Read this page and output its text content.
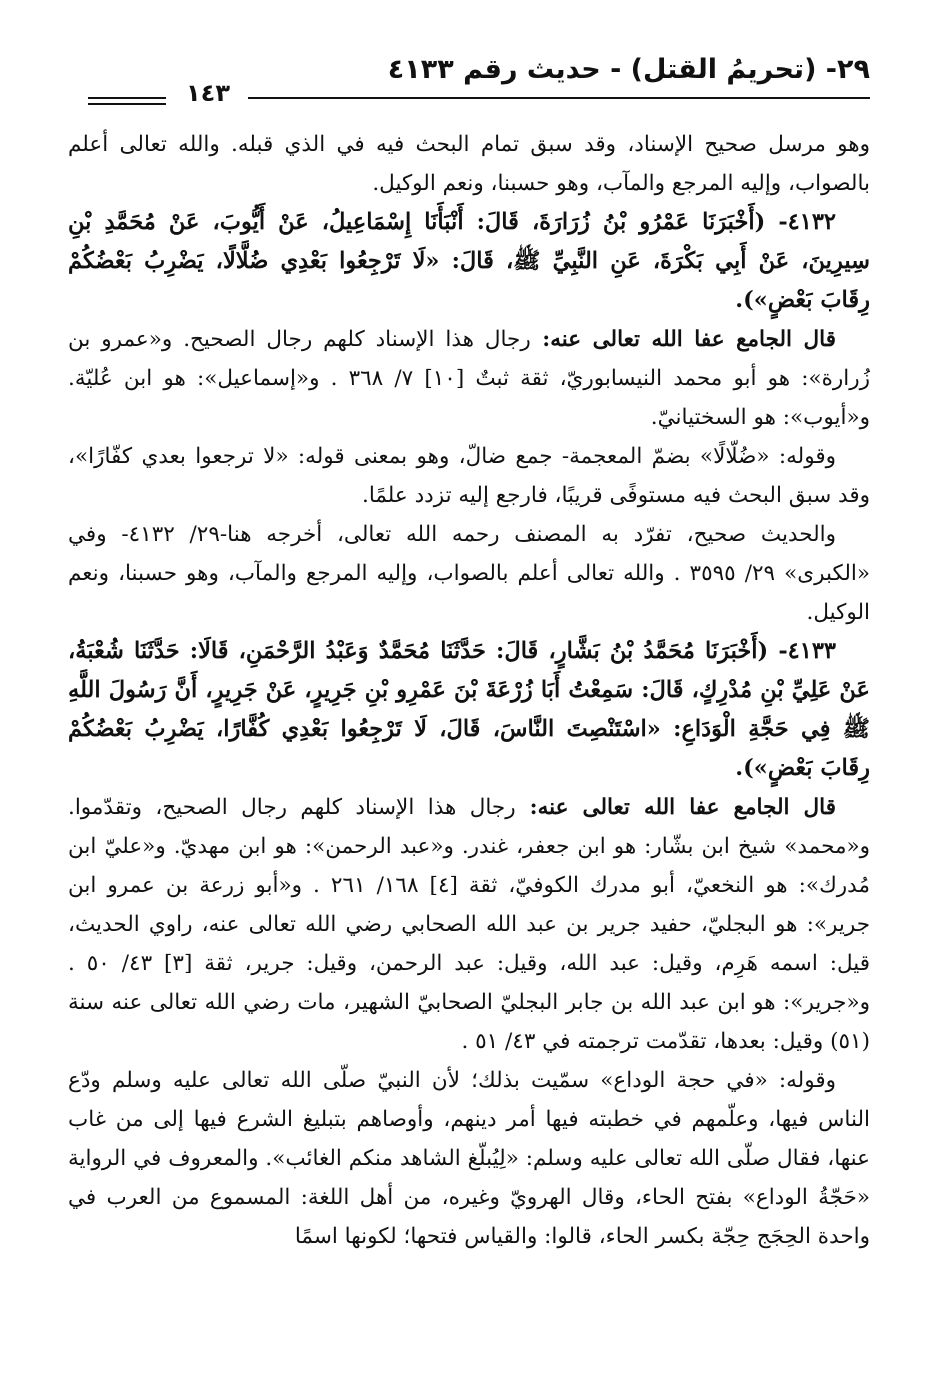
٢٩- (تحريمُ القتل) - حديث رقم ٤١٣٣
١٤٣

وهو مرسل صحيح الإسناد، وقد سبق تمام البحث فيه في الذي قبله. والله تعالى أعلم بالصواب، وإليه المرجع والمآب، وهو حسبنا، ونعم الوكيل.

٤١٣٢- (أَخْبَرَنَا عَمْرُو بْنُ زُرَارَةَ، قَالَ: أَنْبَأَنَا إِسْمَاعِيلُ، عَنْ أَيُّوبَ، عَنْ مُحَمَّدِ بْنِ سِيرِينَ، عَنْ أَبِي بَكْرَةَ، عَنِ النَّبِيِّ ﷺ، قَالَ: «لَا تَرْجِعُوا بَعْدِي ضُلَّالًا، يَضْرِبُ بَعْضُكُمْ رِقَابَ بَعْضٍ»).

قال الجامع عفا الله تعالى عنه: رجال هذا الإسناد كلهم رجال الصحيح. و«عمرو بن زُرارة»: هو أبو محمد النيسابوريّ، ثقة ثبتٌ [١٠] ٧/ ٣٦٨ . و«إسماعيل»: هو ابن عُليّة. و«أيوب»: هو السختيانيّ.

وقوله: «ضُلّالًا» بضمّ المعجمة- جمع ضالّ، وهو بمعنى قوله: «لا ترجعوا بعدي كفّارًا»، وقد سبق البحث فيه مستوفًى قريبًا، فارجع إليه تزدد علمًا.

والحديث صحيح، تفرّد به المصنف رحمه الله تعالى، أخرجه هنا-٢٩/ ٤١٣٢- وفي «الكبرى» ٢٩/ ٣٥٩٥ . والله تعالى أعلم بالصواب، وإليه المرجع والمآب، وهو حسبنا، ونعم الوكيل.

٤١٣٣- (أَخْبَرَنَا مُحَمَّدُ بْنُ بَشَّارٍ، قَالَ: حَدَّثَنَا مُحَمَّدٌ وَعَبْدُ الرَّحْمَنِ، قَالَا: حَدَّثَنَا شُعْبَةُ، عَنْ عَلِيِّ بْنِ مُدْرِكٍ، قَالَ: سَمِعْتُ أَبَا زُرْعَةَ بْنَ عَمْرِو بْنِ جَرِيرٍ، عَنْ جَرِيرٍ، أَنَّ رَسُولَ اللَّهِ ﷺ فِي حَجَّةِ الْوَدَاعِ: «اسْتَنْصِتَ النَّاسَ، قَالَ، لَا تَرْجِعُوا بَعْدِي كُفَّارًا، يَضْرِبُ بَعْضُكُمْ رِقَابَ بَعْضٍ»).

قال الجامع عفا الله تعالى عنه: رجال هذا الإسناد كلهم رجال الصحيح، وتقدّموا. و«محمد» شيخ ابن بشّار: هو ابن جعفر، غندر. و«عبد الرحمن»: هو ابن مهديّ. و«عليّ ابن مُدرك»: هو النخعيّ، أبو مدرك الكوفيّ، ثقة [٤] ١٦٨/ ٢٦١ . و«أبو زرعة بن عمرو ابن جرير»: هو البجليّ، حفيد جرير بن عبد الله الصحابي رضي الله تعالى عنه، راوي الحديث، قيل: اسمه هَرِم، وقيل: عبد الله، وقيل: عبد الرحمن، وقيل: جرير، ثقة [٣] ٤٣/ ٥٠ . و«جرير»: هو ابن عبد الله بن جابر البجليّ الصحابيّ الشهير، مات رضي الله تعالى عنه سنة (٥١) وقيل: بعدها، تقدّمت ترجمته في ٤٣/ ٥١ .

وقوله: «في حجة الوداع» سمّيت بذلك؛ لأن النبيّ صلّى الله تعالى عليه وسلم ودّع الناس فيها، وعلّمهم في خطبته فيها أمر دينهم، وأوصاهم بتبليغ الشرع فيها إلى من غاب عنها، فقال صلّى الله تعالى عليه وسلم: «لِيُبلّغ الشاهد منكم الغائب». والمعروف في الرواية «حَجّةُ الوداع» بفتح الحاء، وقال الهرويّ وغيره، من أهل اللغة: المسموع من العرب في واحدة الحِجَج حِجّة بكسر الحاء، قالوا: والقياس فتحها؛ لكونها اسمًا
